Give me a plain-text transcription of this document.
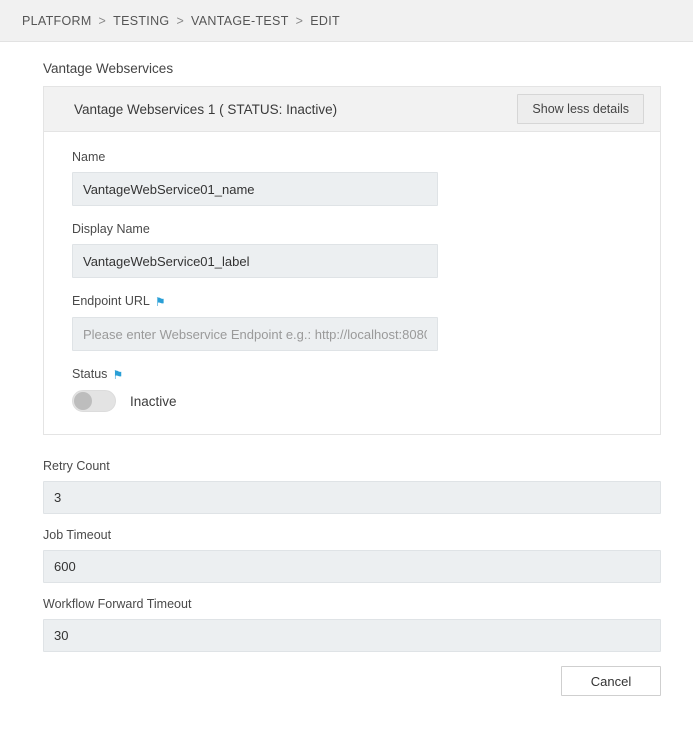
PLATFORM > TESTING > VANTAGE-TEST > EDIT
Vantage Webservices
Vantage Webservices 1 ( STATUS: Inactive)	Show less details
Name
VantageWebService01_name
Display Name
VantageWebService01_label
Endpoint URL ⚑
Please enter Webservice Endpoint e.g.: http://localhost:8080
Status ⚑
Inactive
Retry Count
3
Job Timeout
600
Workflow Forward Timeout
30
Cancel
